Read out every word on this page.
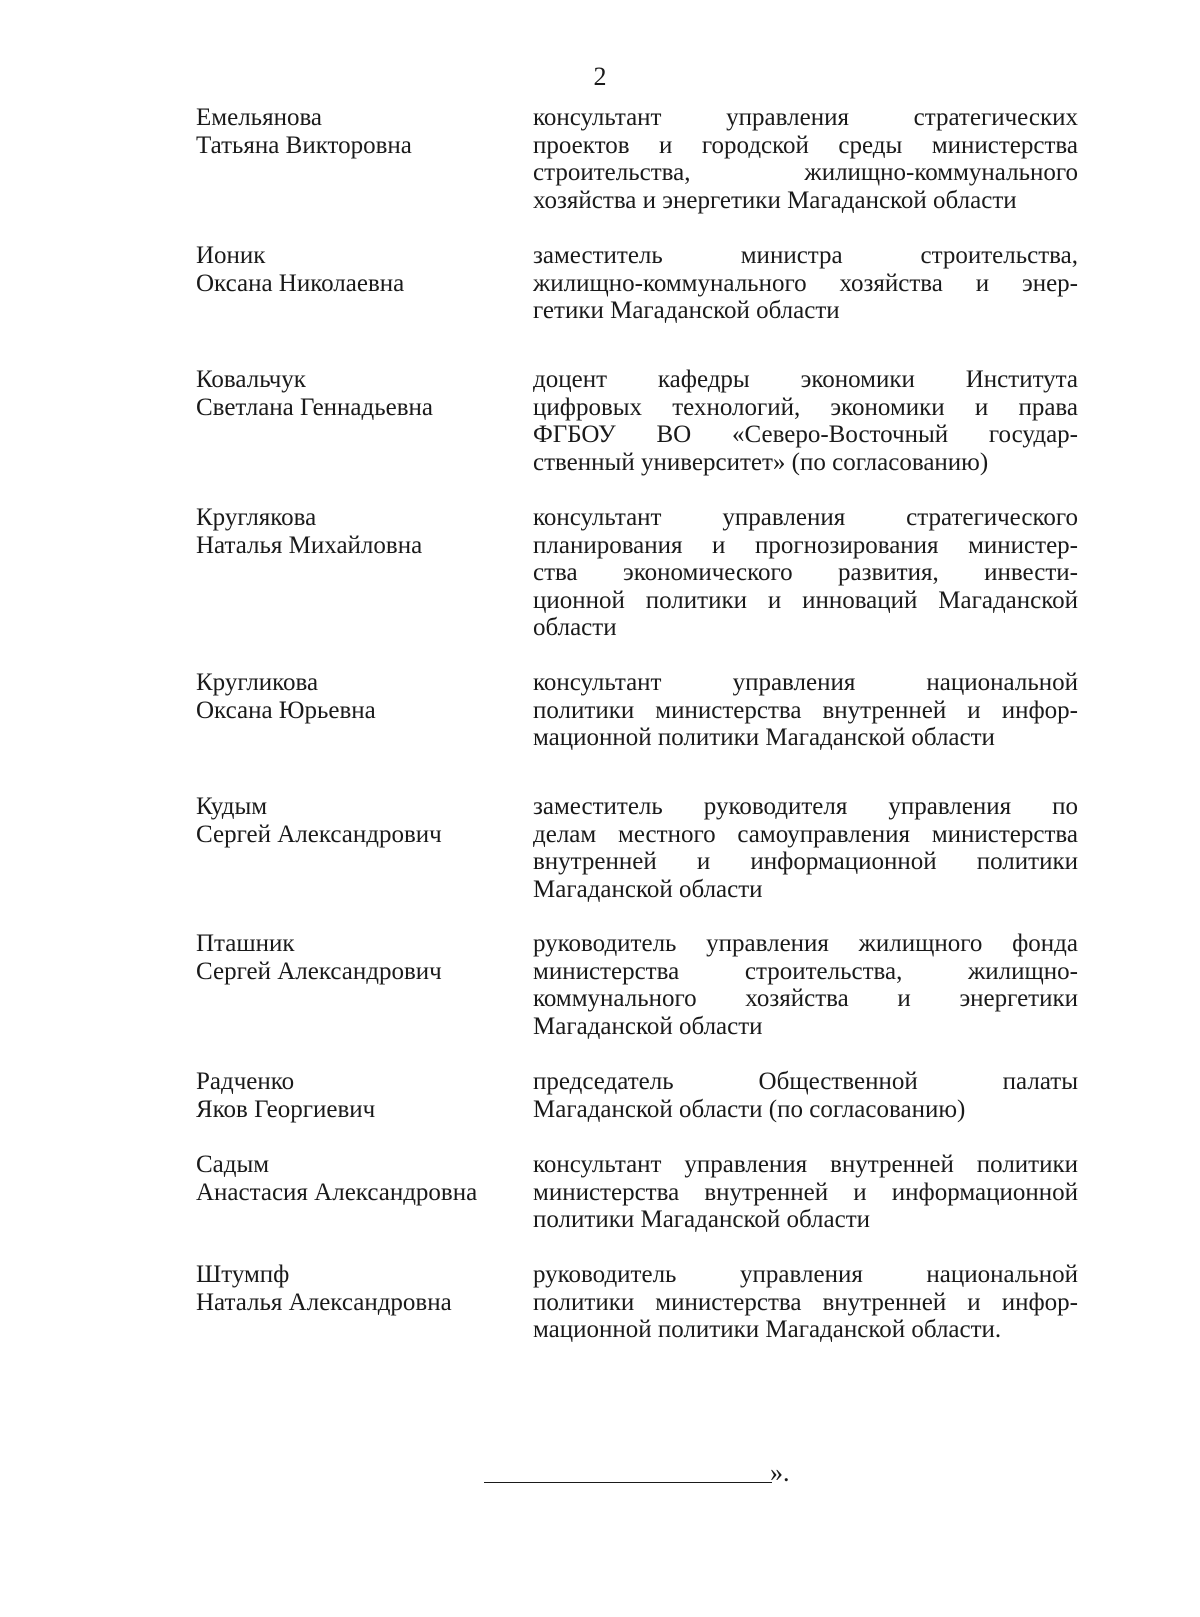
2
Емельянова
Татьяна Викторовна
консультант управления стратегических
проектов и городской среды министерства
строительства, жилищно-коммунального
хозяйства и энергетики Магаданской области
Ионик
Оксана Николаевна
заместитель министра строительства,
жилищно-коммунального хозяйства и энер-
гетики Магаданской области
Ковальчук
Светлана Геннадьевна
доцент кафедры экономики Института
цифровых технологий, экономики и права
ФГБОУ ВО «Северо-Восточный государ-
ственный университет» (по согласованию)
Круглякова
Наталья Михайловна
консультант управления стратегического
планирования и прогнозирования министер-
ства экономического развития, инвести-
ционной политики и инноваций Магаданской
области
Кругликова
Оксана Юрьевна
консультант управления национальной
политики министерства внутренней и инфор-
мационной политики Магаданской области
Кудым
Сергей Александрович
заместитель руководителя управления по
делам местного самоуправления министерства
внутренней и информационной политики
Магаданской области
Пташник
Сергей Александрович
руководитель управления жилищного фонда
министерства строительства, жилищно-
коммунального хозяйства и энергетики
Магаданской области
Радченко
Яков Георгиевич
председатель Общественной палаты
Магаданской области (по согласованию)
Садым
Анастасия Александровна
консультант управления внутренней политики
министерства внутренней и информационной
политики Магаданской области
Штумпф
Наталья Александровна
руководитель управления национальной
политики министерства внутренней и инфор-
мационной политики Магаданской области.
».
